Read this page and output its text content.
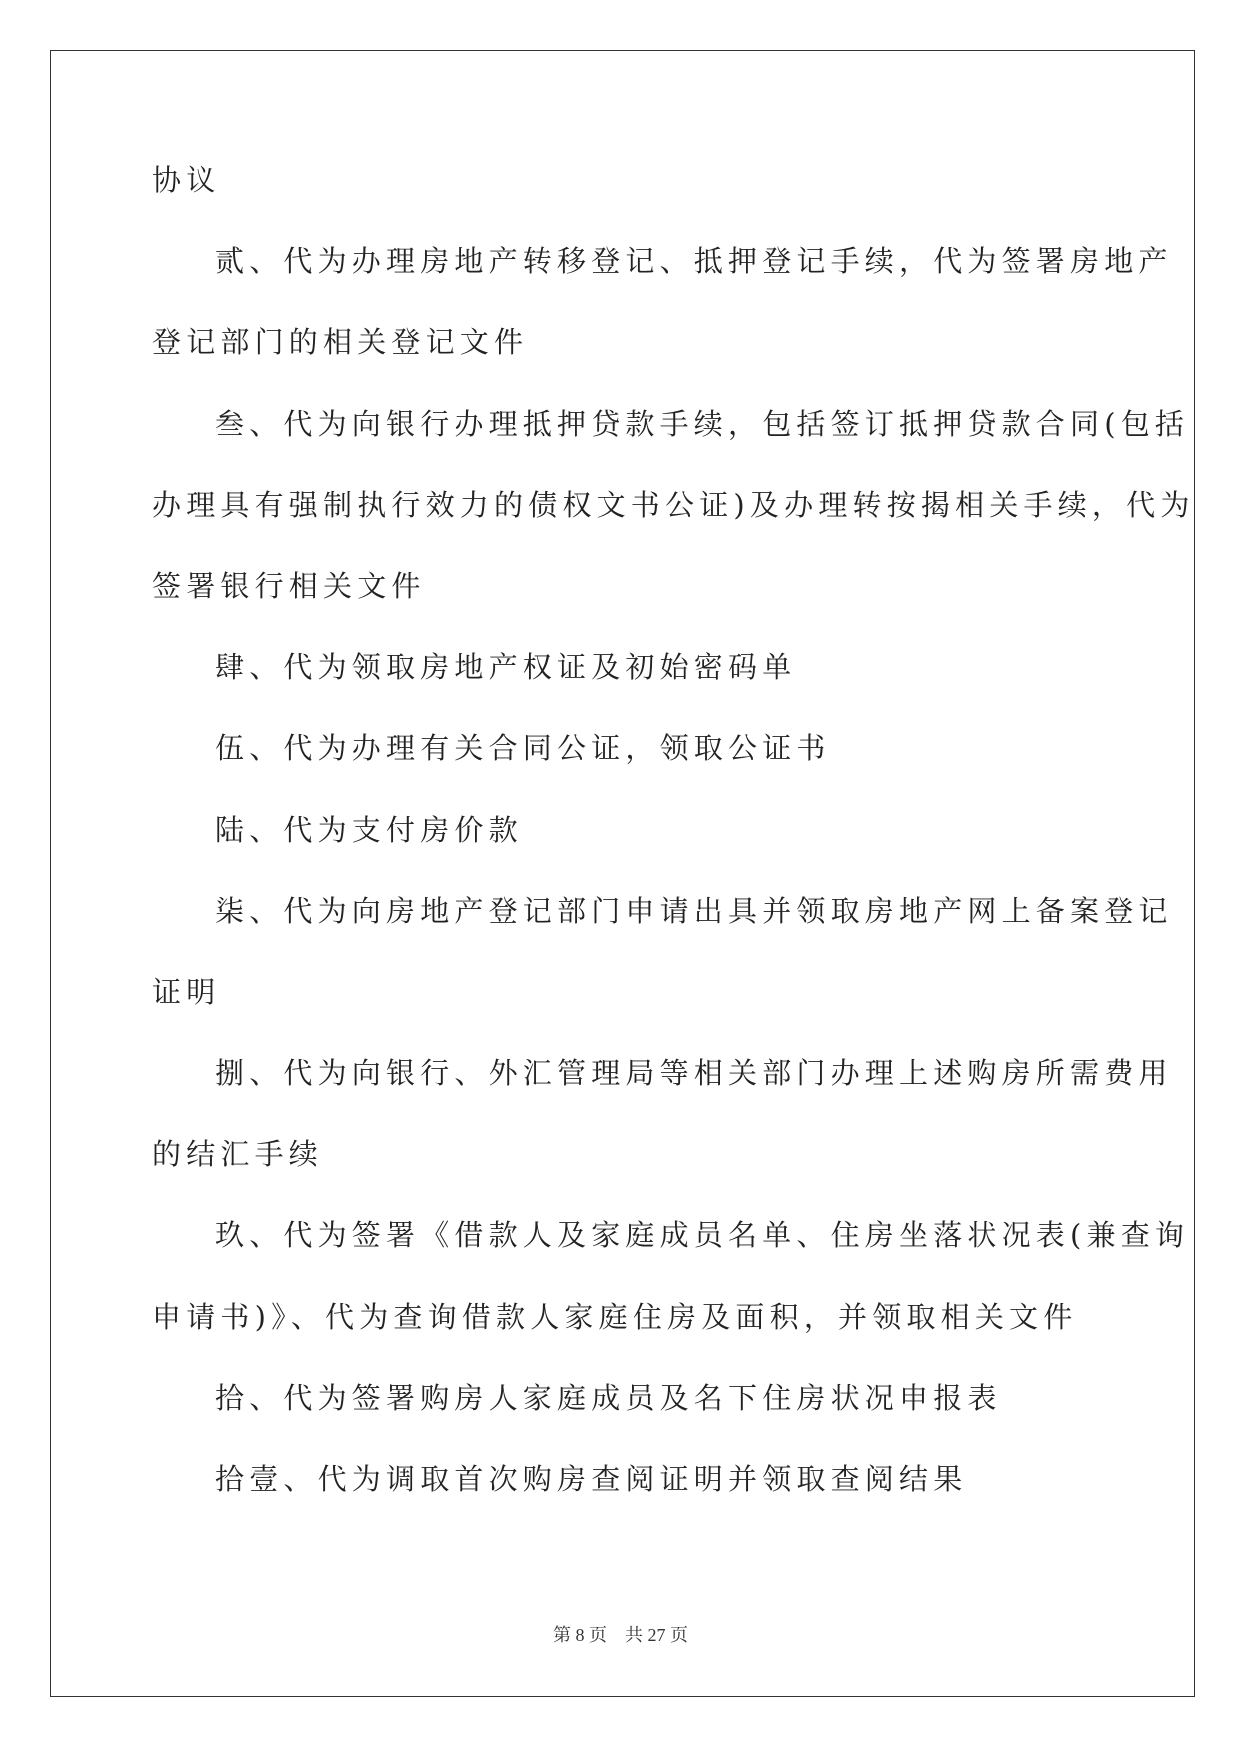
协议
贰、代为办理房地产转移登记、抵押登记手续，代为签署房地产
登记部门的相关登记文件
叁、代为向银行办理抵押贷款手续，包括签订抵押贷款合同(包括
办理具有强制执行效力的债权文书公证)及办理转按揭相关手续，代为
签署银行相关文件
肆、代为领取房地产权证及初始密码单
伍、代为办理有关合同公证，领取公证书
陆、代为支付房价款
柒、代为向房地产登记部门申请出具并领取房地产网上备案登记
证明
捌、代为向银行、外汇管理局等相关部门办理上述购房所需费用
的结汇手续
玖、代为签署《借款人及家庭成员名单、住房坐落状况表(兼查询
申请书)》、代为查询借款人家庭住房及面积，并领取相关文件
拾、代为签署购房人家庭成员及名下住房状况申报表
拾壹、代为调取首次购房查阅证明并领取查阅结果
第 8 页    共 27 页
